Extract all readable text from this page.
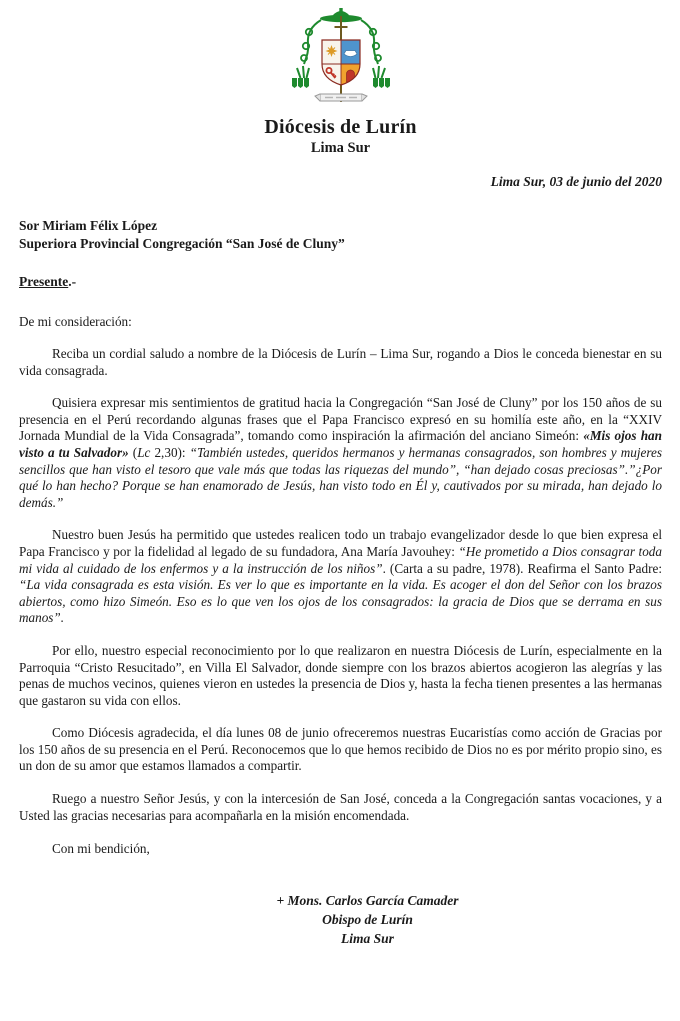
Diócesis de Lurín
Lima Sur
Lima Sur, 03 de junio del 2020
Sor Miriam Félix López
Superiora Provincial Congregación “San José de Cluny”
Presente.-
De mi consideración:

Reciba un cordial saludo a nombre de la Diócesis de Lurín – Lima Sur, rogando a Dios le conceda bienestar en su vida consagrada.

Quisiera expresar mis sentimientos de gratitud hacia la Congregación “San José de Cluny” por los 150 años de su presencia en el Perú recordando algunas frases que el Papa Francisco expresó en su homilía este año, en la “XXIV Jornada Mundial de la Vida Consagrada”, tomando como inspiración la afirmación del anciano Simeón: «Mis ojos han visto a tu Salvador» (Lc 2,30): “También ustedes, queridos hermanos y hermanas consagrados, son hombres y mujeres sencillos que han visto el tesoro que vale más que todas las riquezas del mundo”, “han dejado cosas preciosas”.”¿Por qué lo han hecho? Porque se han enamorado de Jesús, han visto todo en Él y, cautivados por su mirada, han dejado lo demás.”

Nuestro buen Jesús ha permitido que ustedes realicen todo un trabajo evangelizador desde lo que bien expresa el Papa Francisco y por la fidelidad al legado de su fundadora, Ana María Javouhey: “He prometido a Dios consagrar toda mi vida al cuidado de los enfermos y a la instrucción de los niños”. (Carta a su padre, 1978). Reafirma el Santo Padre: “La vida consagrada es esta visión. Es ver lo que es importante en la vida. Es acoger el don del Señor con los brazos abiertos, como hizo Simeón. Eso es lo que ven los ojos de los consagrados: la gracia de Dios que se derrama en sus manos”.

Por ello, nuestro especial reconocimiento por lo que realizaron en nuestra Diócesis de Lurín, especialmente en la Parroquia “Cristo Resucitado”, en Villa El Salvador, donde siempre con los brazos abiertos acogieron las alegrías y las penas de muchos vecinos, quienes vieron en ustedes la presencia de Dios y, hasta la fecha tienen presentes a las hermanas que gastaron su vida con ellos.

Como Diócesis agradecida, el día lunes 08 de junio ofreceremos nuestras Eucaristías como acción de Gracias por los 150 años de su presencia en el Perú. Reconocemos que lo que hemos recibido de Dios no es por mérito propio sino, es un don de su amor que estamos llamados a compartir.

Ruego a nuestro Señor Jesús, y con la intercesión de San José, conceda a la Congregación santas vocaciones, y a Usted las gracias necesarias para acompañarla en la misión encomendada.

Con mi bendición,
+ Mons. Carlos García Camader
Obispo de Lurín
Lima Sur
